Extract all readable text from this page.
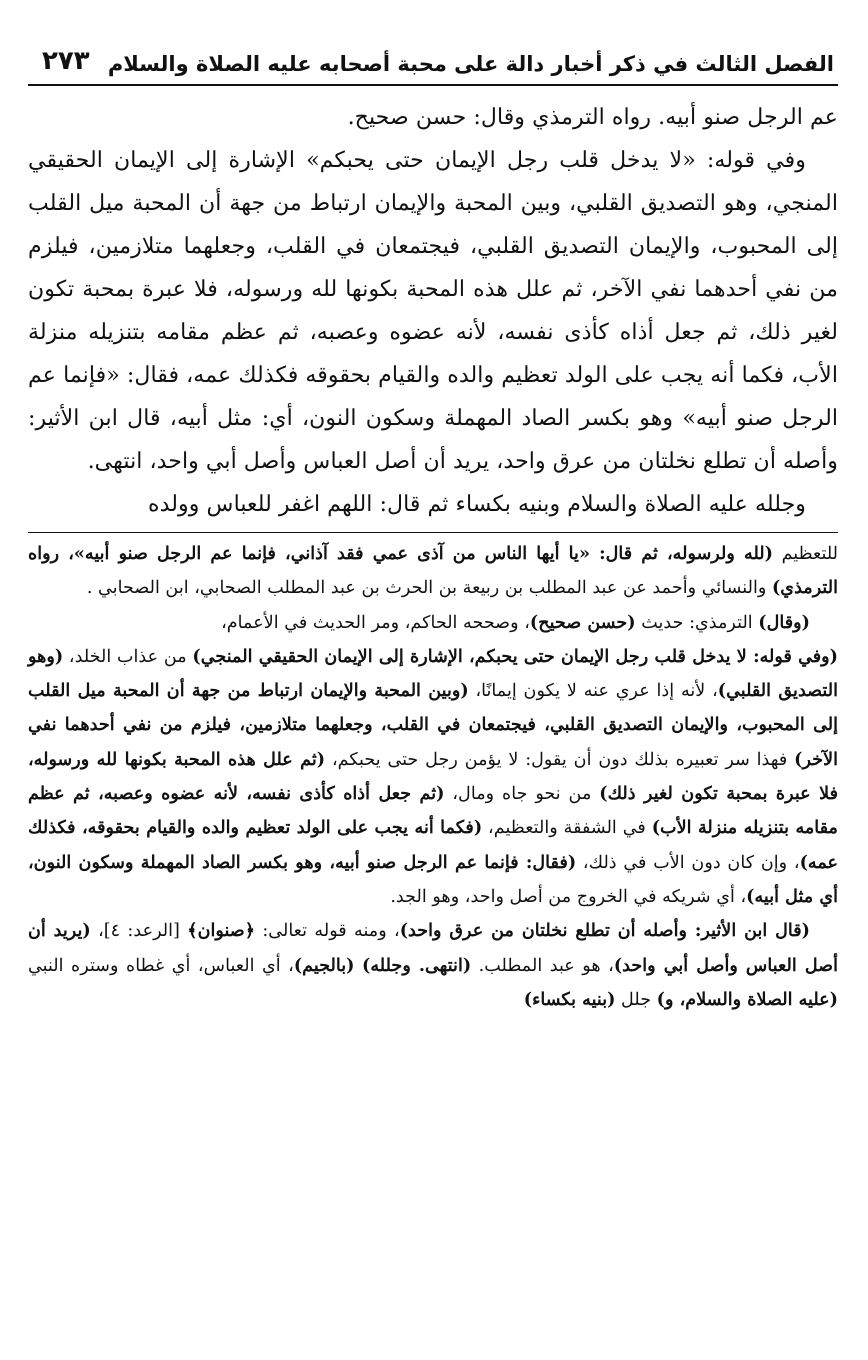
الفصل الثالث في ذكر أخبار دالة على محبة أصحابه عليه الصلاة والسلام
٢٧٣

عم الرجل صنو أبيه. رواه الترمذي وقال: حسن صحيح.

وفي قوله: «لا يدخل قلب رجل الإيمان حتى يحبكم» الإشارة إلى الإيمان الحقيقي المنجي، وهو التصديق القلبي، وبين المحبة والإيمان ارتباط من جهة أن المحبة ميل القلب إلى المحبوب، والإيمان التصديق القلبي، فيجتمعان في القلب، وجعلهما متلازمين، فيلزم من نفي أحدهما نفي الآخر، ثم علل هذه المحبة بكونها لله ورسوله، فلا عبرة بمحبة تكون لغير ذلك، ثم جعل أذاه كأذى نفسه، لأنه عضوه وعصبه، ثم عظم مقامه بتنزيله منزلة الأب، فكما أنه يجب على الولد تعظيم والده والقيام بحقوقه فكذلك عمه، فقال: «فإنما عم الرجل صنو أبيه» وهو بكسر الصاد المهملة وسكون النون، أي: مثل أبيه، قال ابن الأثير: وأصله أن تطلع نخلتان من عرق واحد، يريد أن أصل العباس وأصل أبي واحد، انتهى.

وجلله عليه الصلاة والسلام وبنيه بكساء ثم قال: اللهم اغفر للعباس وولده

للتعظيم (لله ولرسوله، ثم قال: «يا أيها الناس من آذى عمي فقد آذاني، فإنما عم الرجل صنو أبيه»، رواه الترمذي) والنسائي وأحمد عن عبد المطلب بن ربيعة بن الحرث بن عبد المطلب الصحابي، ابن الصحابي .

(وقال) الترمذي: حديث (حسن صحيح)، وصححه الحاكم، ومر الحديث في الأعمام،

(وفي قوله: لا يدخل قلب رجل الإيمان حتى يحبكم، الإشارة إلى الإيمان الحقيقي المنجي) من عذاب الخلد، (وهو التصديق القلبي)، لأنه إذا عري عنه لا يكون إيمانًا، (وبين المحبة والإيمان ارتباط من جهة أن المحبة ميل القلب إلى المحبوب، والإيمان التصديق القلبي، فيجتمعان في القلب، وجعلهما متلازمين، فيلزم من نفي أحدهما نفي الآخر) فهذا سر تعبيره بذلك دون أن يقول: لا يؤمن رجل حتى يحبكم، (ثم علل هذه المحبة بكونها لله ورسوله، فلا عبرة بمحبة تكون لغير ذلك) من نحو جاه ومال، (ثم جعل أذاه كأذى نفسه، لأنه عضوه وعصبه، ثم عظم مقامه بتنزيله منزلة الأب) في الشفقة والتعظيم، (فكما أنه يجب على الولد تعظيم والده والقيام بحقوقه، فكذلك عمه)، وإن كان دون الأب في ذلك، (فقال: فإنما عم الرجل صنو أبيه، وهو بكسر الصاد المهملة وسكون النون، أي مثل أبيه)، أي شريكه في الخروج من أصل واحد، وهو الجد.

(قال ابن الأثير: وأصله أن تطلع نخلتان من عرق واحد)، ومنه قوله تعالى: ﴿صنوان﴾ [الرعد: ٤]، (يريد أن أصل العباس وأصل أبي واحد)، هو عبد المطلب. (انتهى. وجلله) (بالجيم)، أي العباس، أي غطاه وستره النبي (عليه الصلاة والسلام، و) جلل (بنيه بكساء)
